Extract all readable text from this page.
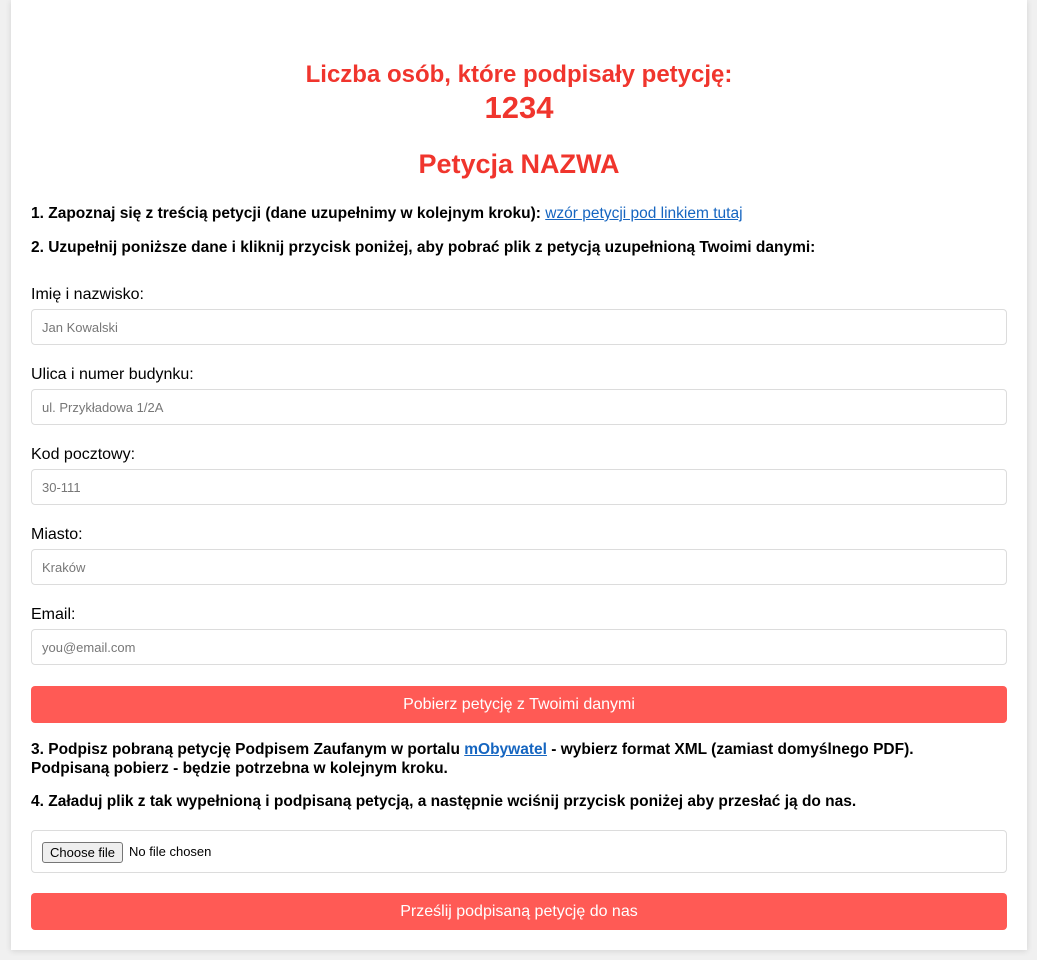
Liczba osób, które podpisały petycję:
1234
Petycja NAZWA
1. Zapoznaj się z treścią petycji (dane uzupełnimy w kolejnym kroku): wzór petycji pod linkiem tutaj
2. Uzupełnij poniższe dane i kliknij przycisk poniżej, aby pobrać plik z petycją uzupełnioną Twoimi danymi:
Imię i nazwisko:
Jan Kowalski
Ulica i numer budynku:
ul. Przykładowa 1/2A
Kod pocztowy:
30-111
Miasto:
Kraków
Email:
you@email.com
Pobierz petycję z Twoimi danymi
3. Podpisz pobraną petycję Podpisem Zaufanym w portalu mObywatel - wybierz format XML (zamiast domyślnego PDF).
Podpisaną pobierz - będzie potrzebna w kolejnym kroku.
4. Załaduj plik z tak wypełnioną i podpisaną petycją, a następnie wciśnij przycisk poniżej aby przesłać ją do nas.
Choose file	No file chosen
Prześlij podpisaną petycję do nas
